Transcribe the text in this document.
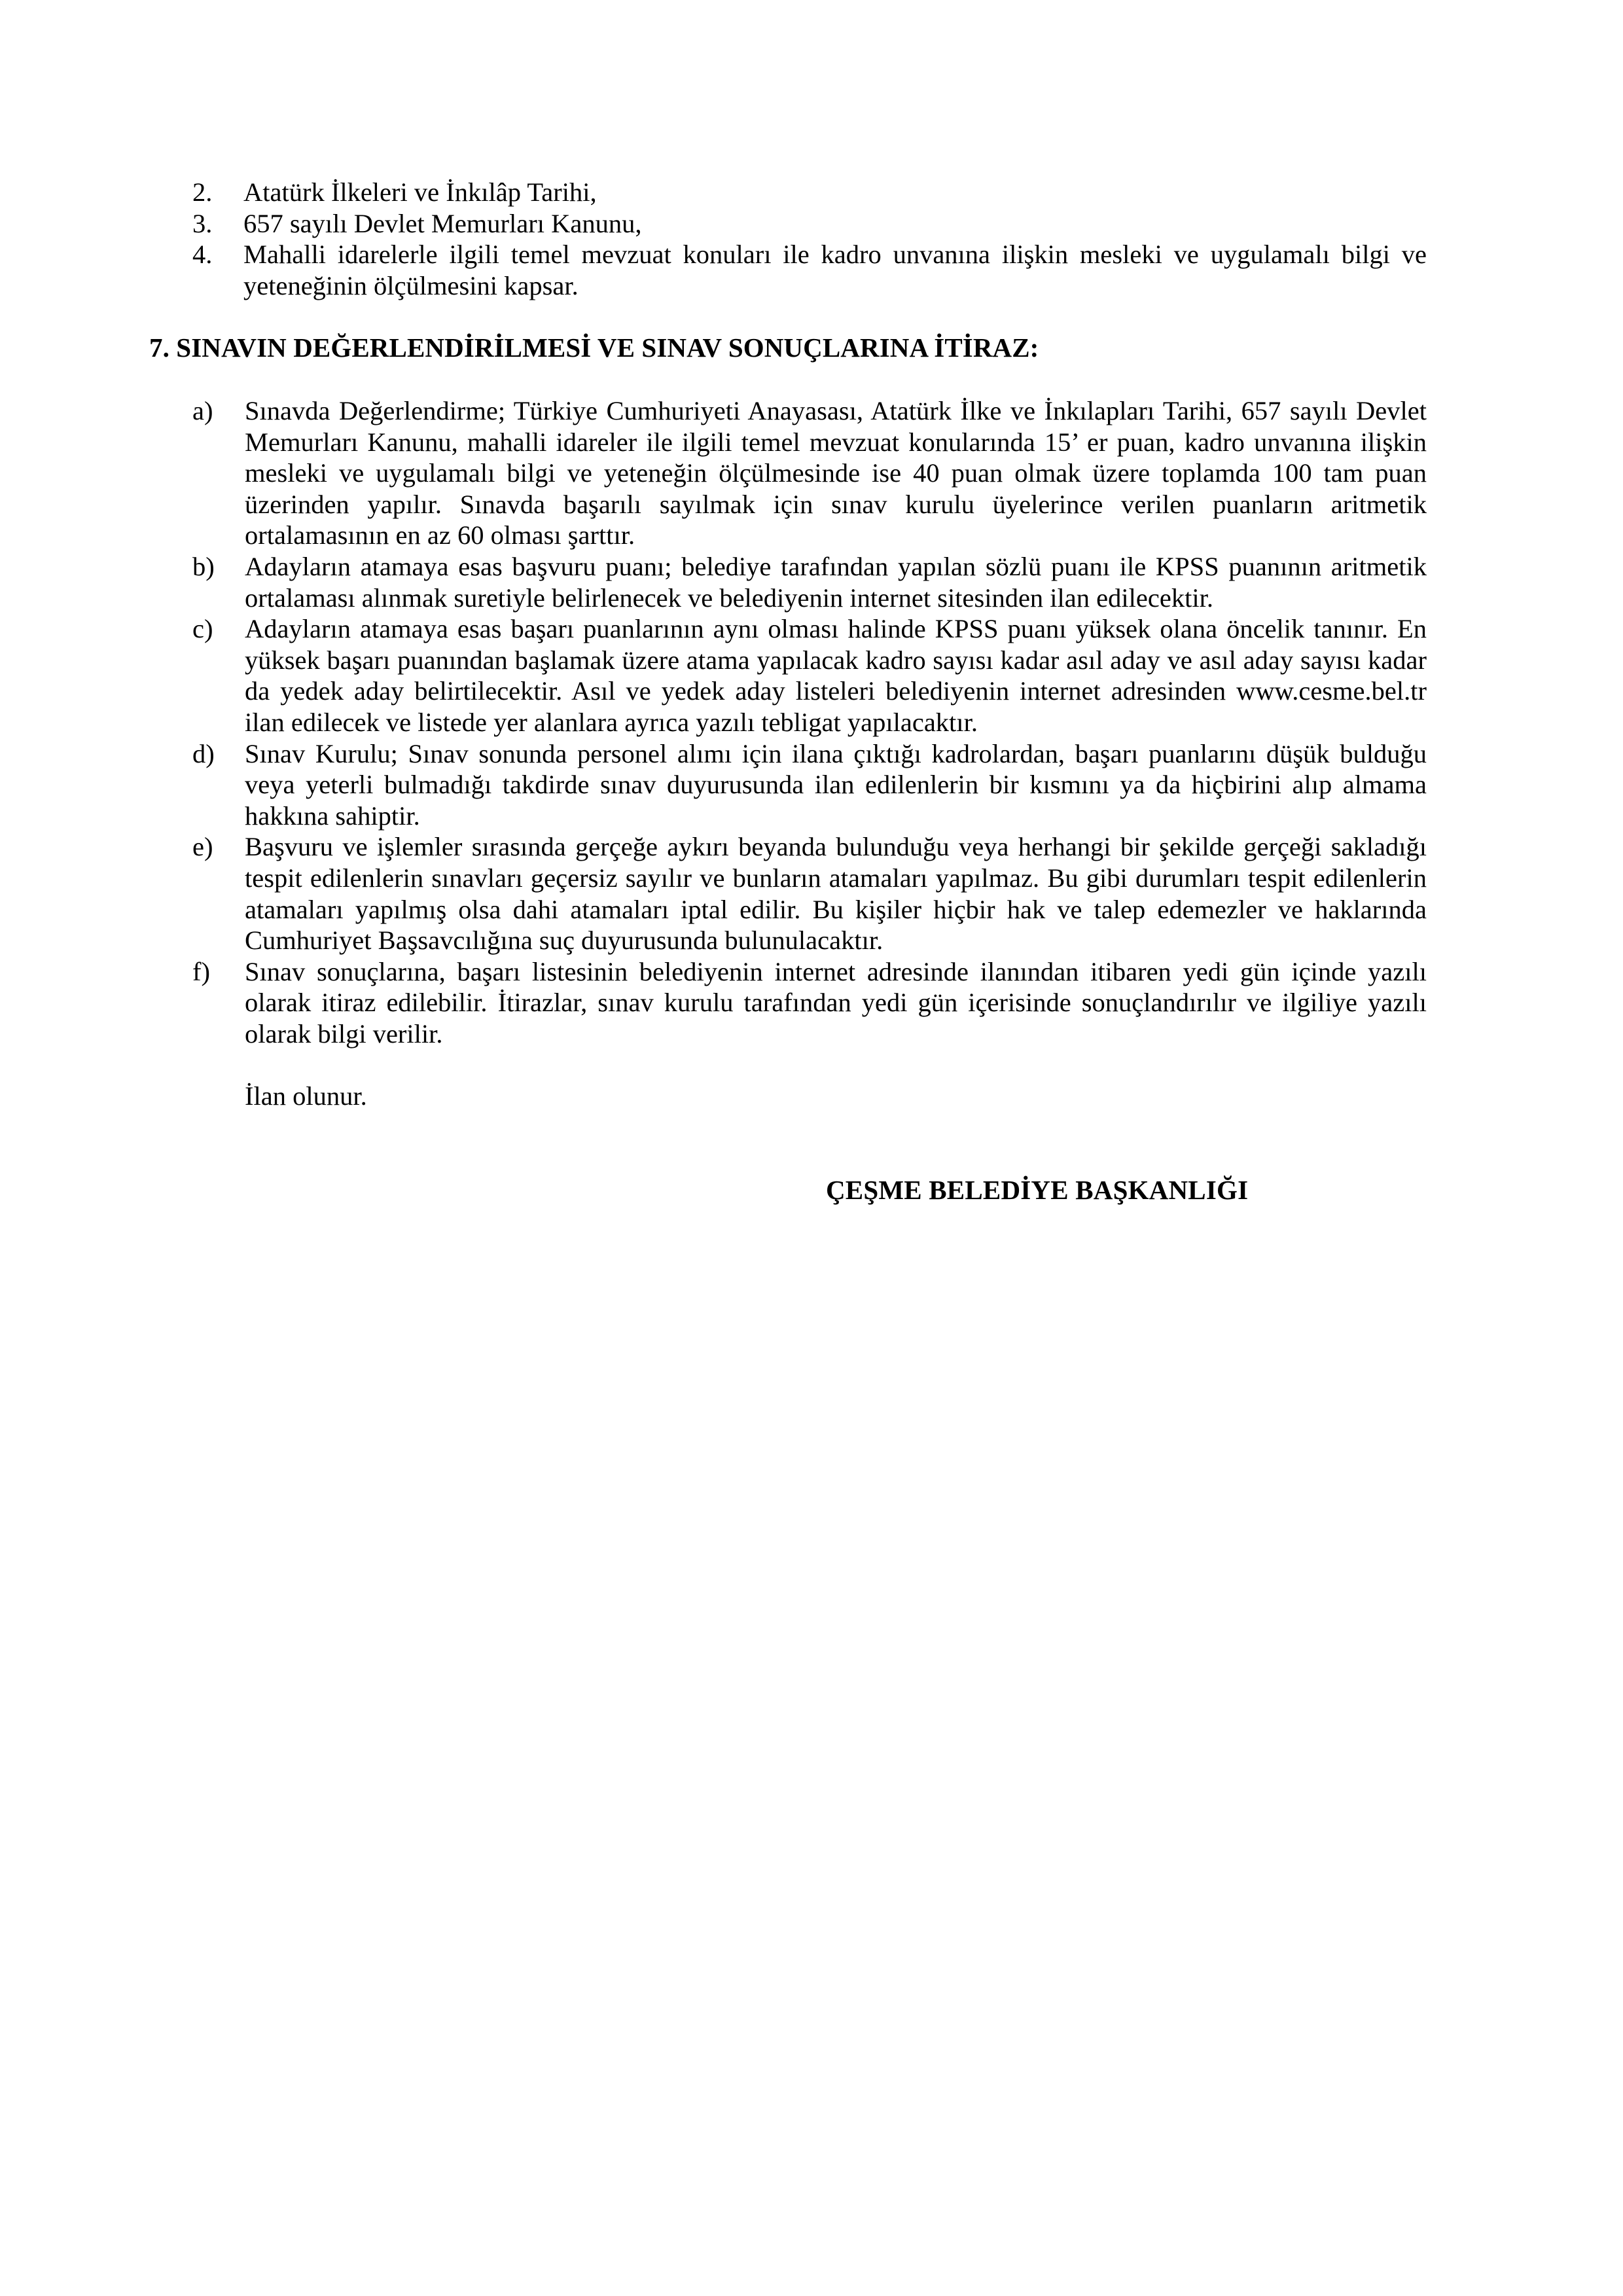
2.	Atatürk İlkeleri ve İnkılâp Tarihi,
3.	657 sayılı Devlet Memurları Kanunu,
4.	Mahalli idarelerle ilgili temel mevzuat konuları ile kadro unvanına ilişkin mesleki ve uygulamalı bilgi ve yeteneğinin ölçülmesini kapsar.
7. SINAVIN DEĞERLENDİRİLMESİ VE SINAV SONUÇLARINA İTİRAZ:
a)	Sınavda Değerlendirme; Türkiye Cumhuriyeti Anayasası, Atatürk İlke ve İnkılapları Tarihi, 657 sayılı Devlet Memurları Kanunu, mahalli idareler ile ilgili temel mevzuat konularında 15’ er puan, kadro unvanına ilişkin mesleki ve uygulamalı bilgi ve yeteneğin ölçülmesinde ise 40 puan olmak üzere toplamda 100 tam puan üzerinden yapılır. Sınavda başarılı sayılmak için sınav kurulu üyelerince verilen puanların aritmetik ortalamasının en az 60 olması şarttır.
b)	Adayların atamaya esas başvuru puanı; belediye tarafından yapılan sözlü puanı ile KPSS puanının aritmetik ortalaması alınmak suretiyle belirlenecek ve belediyenin internet sitesinden ilan edilecektir.
c)	Adayların atamaya esas başarı puanlarının aynı olması halinde KPSS puanı yüksek olana öncelik tanınır. En yüksek başarı puanından başlamak üzere atama yapılacak kadro sayısı kadar asıl aday ve asıl aday sayısı kadar da yedek aday belirtilecektir. Asıl ve yedek aday listeleri belediyenin internet adresinden www.cesme.bel.tr ilan edilecek ve listede yer alanlara ayrıca yazılı tebligat yapılacaktır.
d)	Sınav Kurulu; Sınav sonunda personel alımı için ilana çıktığı kadrolardan, başarı puanlarını düşük bulduğu veya yeterli bulmadığı takdirde sınav duyurusunda ilan edilenlerin bir kısmını ya da hiçbirini alıp almama hakkına sahiptir.
e)	Başvuru ve işlemler sırasında gerçeğe aykırı beyanda bulunduğu veya herhangi bir şekilde gerçeği sakladığı tespit edilenlerin sınavları geçersiz sayılır ve bunların atamaları yapılmaz. Bu gibi durumları tespit edilenlerin atamaları yapılmış olsa dahi atamaları iptal edilir. Bu kişiler hiçbir hak ve talep edemezler ve haklarında Cumhuriyet Başsavcılığına suç duyurusunda bulunulacaktır.
f)	Sınav sonuçlarına, başarı listesinin belediyenin internet adresinde ilanından itibaren yedi gün içinde yazılı olarak itiraz edilebilir. İtirazlar, sınav kurulu tarafından yedi gün içerisinde sonuçlandırılır ve ilgiliye yazılı olarak bilgi verilir.
İlan olunur.
ÇEŞME BELEDİYE BAŞKANLIĞI
